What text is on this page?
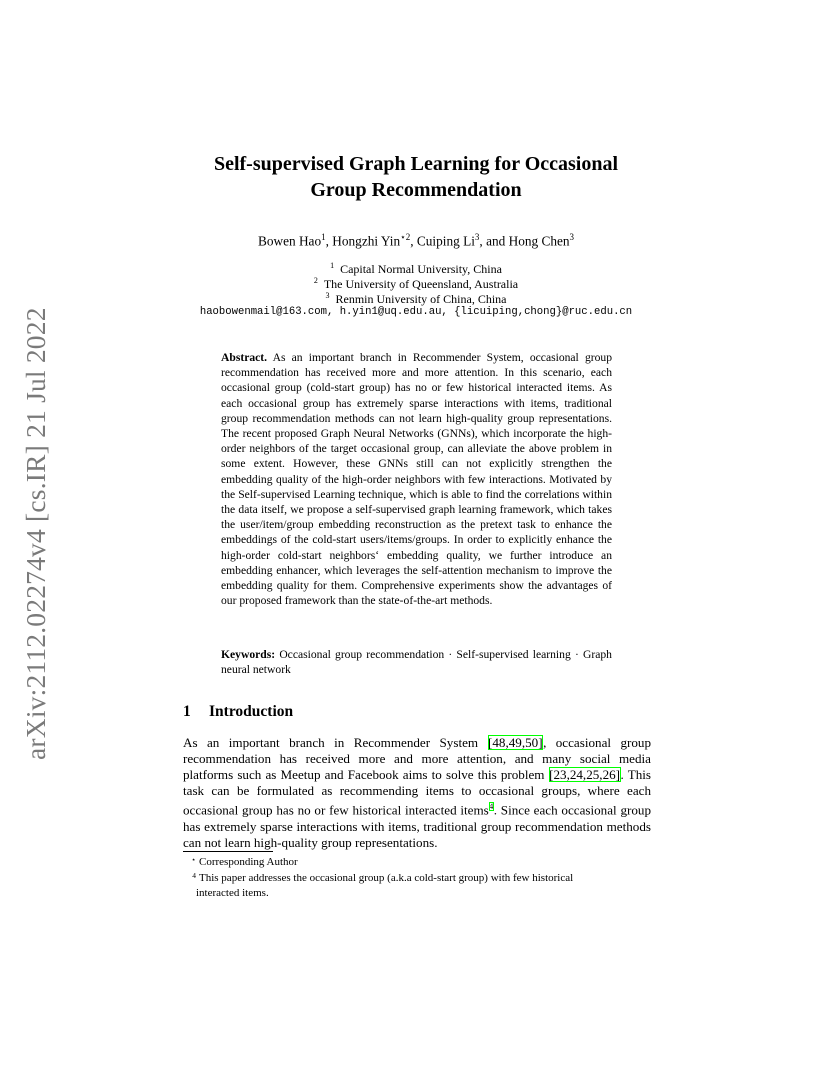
arXiv:2112.02274v4 [cs.IR] 21 Jul 2022
Self-supervised Graph Learning for Occasional
Group Recommendation
Bowen Hao$^1$, Hongzhi Yin$^{⋆2}$, Cuiping Li$^3$, and Hong Chen$^3$
$^1$ Capital Normal University, China
$^2$ The University of Queensland, Australia
$^3$ Renmin University of China, China
haobowenmail@163.com, h.yin1@uq.edu.au, {licuiping,chong}@ruc.edu.cn
Abstract. As an important branch in Recommender System, occasional group recommendation has received more and more attention. In this scenario, each occasional group (cold-start group) has no or few historical interacted items. As each occasional group has extremely sparse interactions with items, traditional group recommendation methods can not learn high-quality group representations. The recent proposed Graph Neural Networks (GNNs), which incorporate the high-order neighbors of the target occasional group, can alleviate the above problem in some extent. However, these GNNs still can not explicitly strengthen the embedding quality of the high-order neighbors with few interactions. Motivated by the Self-supervised Learning technique, which is able to find the correlations within the data itself, we propose a self-supervised graph learning framework, which takes the user/item/group embedding reconstruction as the pretext task to enhance the embeddings of the cold-start users/items/groups. In order to explicitly enhance the high-order cold-start neighbors‘ embedding quality, we further introduce an embedding enhancer, which leverages the self-attention mechanism to improve the embedding quality for them. Comprehensive experiments show the advantages of our proposed framework than the state-of-the-art methods.
Keywords: Occasional group recommendation · Self-supervised learning · Graph neural network
1 Introduction
As an important branch in Recommender System [48,49,50], occasional group recommendation has received more and more attention, and many social media platforms such as Meetup and Facebook aims to solve this problem [23,24,25,26]. This task can be formulated as recommending items to occasional groups, where each occasional group has no or few historical interacted items$^4$. Since each occasional group has extremely sparse interactions with items, traditional group recommendation methods can not learn high-quality group representations.
⋆ Corresponding Author
4 This paper addresses the occasional group (a.k.a cold-start group) with few historical
interacted items.
